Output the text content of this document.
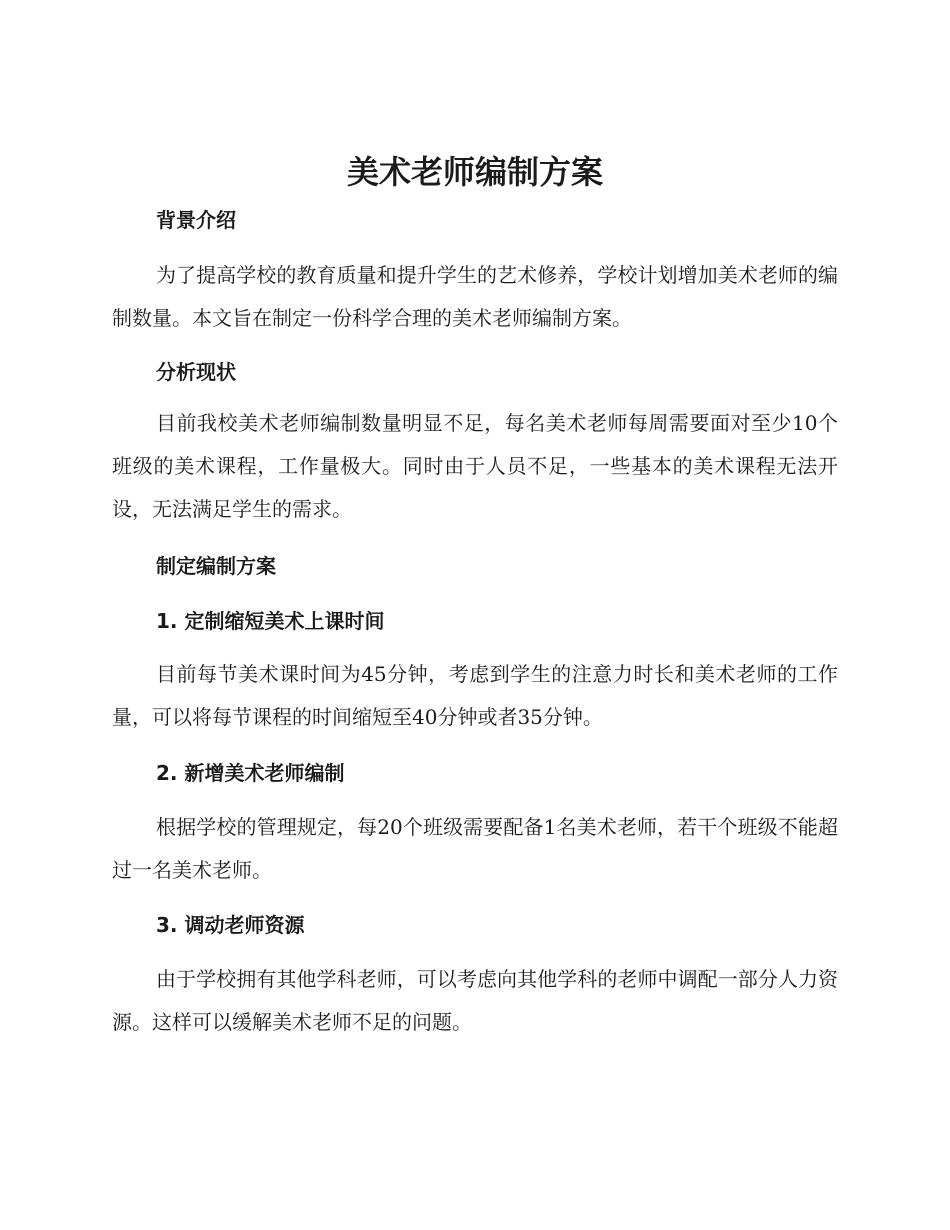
美术老师编制方案
背景介绍

为了提高学校的教育质量和提升学生的艺术修养，学校计划增加美术老师的编制数量。本文旨在制定一份科学合理的美术老师编制方案。

分析现状

目前我校美术老师编制数量明显不足，每名美术老师每周需要面对至少10个班级的美术课程，工作量极大。同时由于人员不足，一些基本的美术课程无法开设，无法满足学生的需求。

制定编制方案
1. 定制缩短美术上课时间

目前每节美术课时间为45分钟，考虑到学生的注意力时长和美术老师的工作量，可以将每节课程的时间缩短至40分钟或者35分钟。

2. 新增美术老师编制

根据学校的管理规定，每20个班级需要配备1名美术老师，若干个班级不能超过一名美术老师。

3. 调动老师资源

由于学校拥有其他学科老师，可以考虑向其他学科的老师中调配一部分人力资源。这样可以缓解美术老师不足的问题。
